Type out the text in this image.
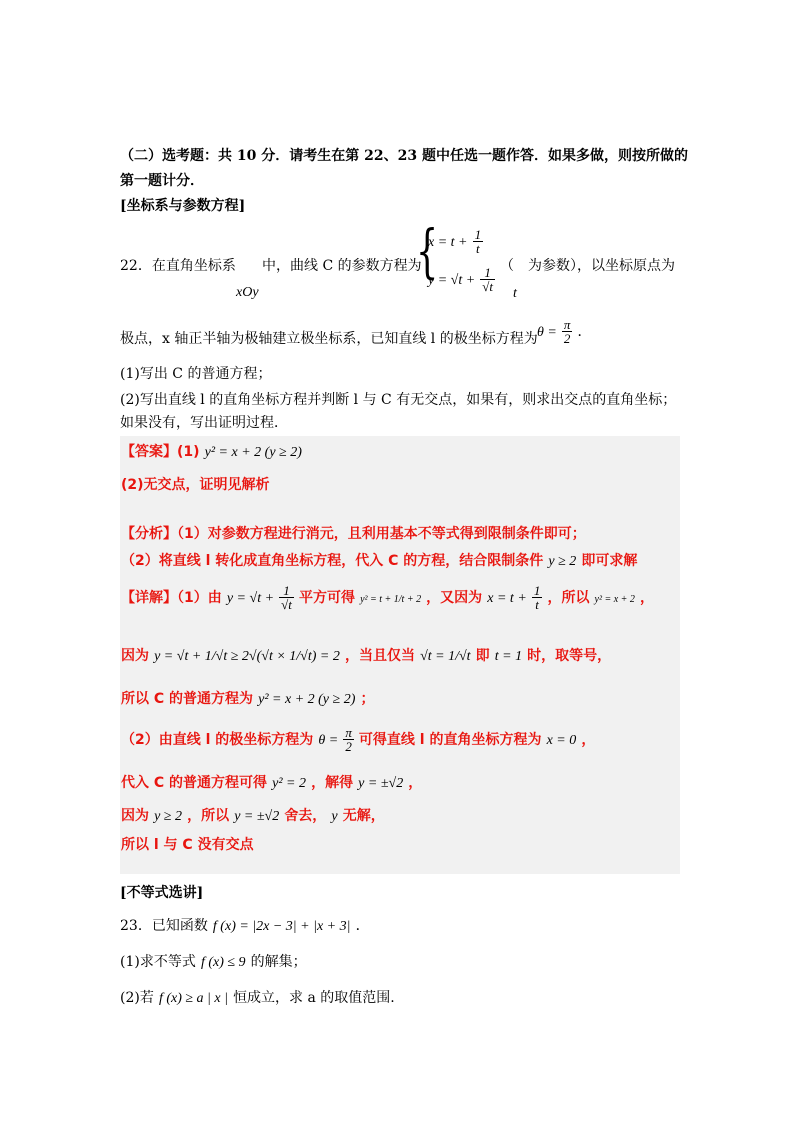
（二）选考题：共 10 分．请考生在第 22、23 题中任选一题作答．如果多做，则按所做的
第一题计分．
[坐标系与参数方程]
22．在直角坐标系
xOy
中，曲线 C 的参数方程为
{
$x = t + \frac{1}{t}$
$y = √t + \frac{1}{√t}$ （　为参数），以坐标原点为
t
极点，x 轴正半轴为极轴建立极坐标系，已知直线 l 的极坐标方程为 $\theta = \frac{\pi}{2}$ ．
(1)写出 C 的普通方程；
(2)写出直线 l 的直角坐标方程并判断 l 与 C 有无交点，如果有，则求出交点的直角坐标；
如果没有，写出证明过程．
【答案】(1) y² = x + 2 (y ≥ 2)
(2)无交点，证明见解析
【分析】（1）对参数方程进行消元，且利用基本不等式得到限制条件即可；
（2）将直线 l 转化成直角坐标方程，代入 C 的方程，结合限制条件 y ≥ 2 即可求解
【详解】（1）由 $y = √t + \frac{1}{√t}$ 平方可得 y² = t + 1/t + 2 ，又因为 $x = t + \frac{1}{t}$ ，所以 y² = x + 2 ，
因为 y = √t + 1/√t ≥ 2√(√t × 1/√t) = 2 ，当且仅当 √t = 1/√t 即 t = 1 时，取等号，
所以 C 的普通方程为 y² = x + 2 (y ≥ 2) ；
（2）由直线 l 的极坐标方程为 $\theta = \frac{\pi}{2}$ 可得直线 l 的直角坐标方程为 x = 0 ，
代入 C 的普通方程可得 y² = 2 ，解得 y = ±√2 ，
因为 y ≥ 2 ，所以 y = ±√2 舍去， y 无解，
所以 l 与 C 没有交点
[不等式选讲]
23．已知函数 f (x) = |2x − 3| + |x + 3| ．
(1)求不等式 f (x) ≤ 9 的解集；
(2)若 f (x) ≥ a | x | 恒成立，求 a 的取值范围.
